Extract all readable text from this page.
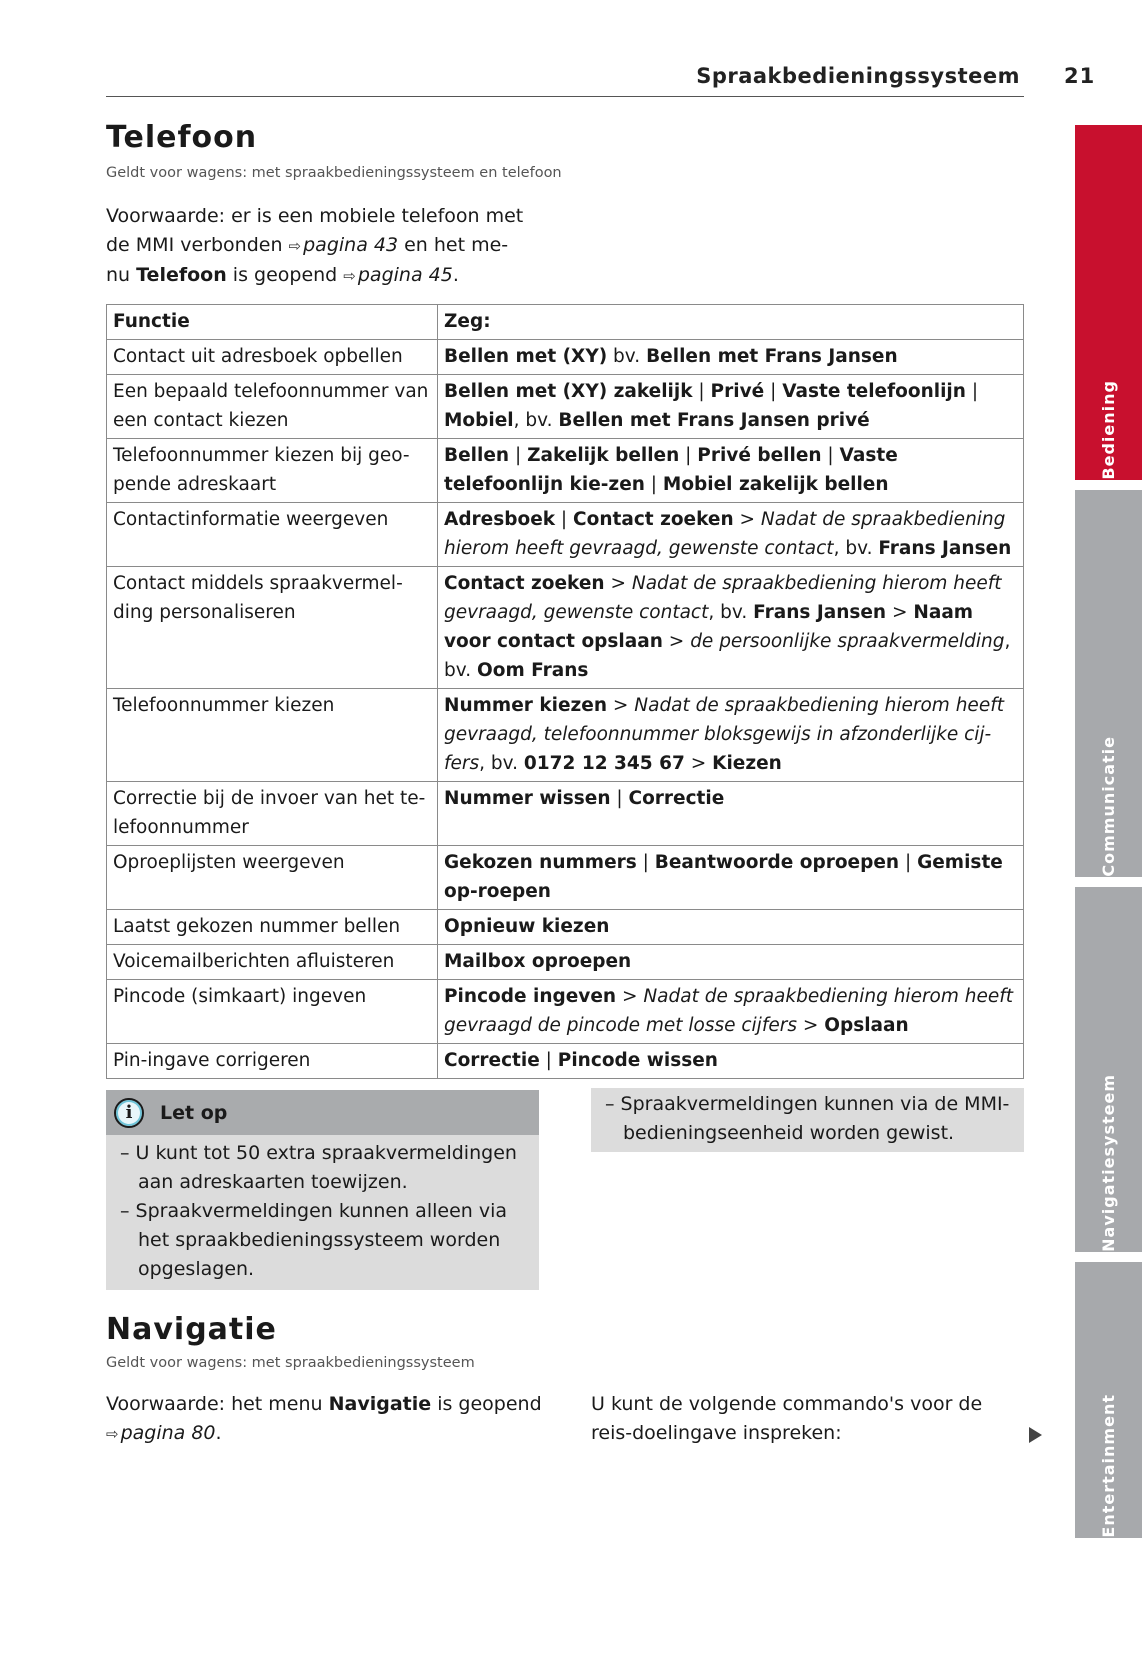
Spraakbedieningssysteem 21
Telefoon
Geldt voor wagens: met spraakbedieningssysteem en telefoon
Voorwaarde: er is een mobiele telefoon met
de MMI verbonden ⇨ pagina 43 en het me-
nu Telefoon is geopend ⇨ pagina 45.
Functie	Zeg:
Contact uit adresboek opbellen	Bellen met (XY) bv. Bellen met Frans Jansen
Een bepaald telefoonnummer van een contact kiezen	Bellen met (XY) zakelijk | Privé | Vaste telefoonlijn | Mobiel, bv. Bellen met Frans Jansen privé
Telefoonnummer kiezen bij geo-pende adreskaart	Bellen | Zakelijk bellen | Privé bellen | Vaste telefoonlijn kie-zen | Mobiel zakelijk bellen
Contactinformatie weergeven	Adresboek | Contact zoeken > Nadat de spraakbediening hierom heeft gevraagd, gewenste contact, bv. Frans Jansen
Contact middels spraakvermel-ding personaliseren	Contact zoeken > Nadat de spraakbediening hierom heeft gevraagd, gewenste contact, bv. Frans Jansen > Naam voor contact opslaan > de persoonlijke spraakvermelding, bv. Oom Frans
Telefoonnummer kiezen	Nummer kiezen > Nadat de spraakbediening hierom heeft gevraagd, telefoonnummer bloksgewijs in afzonderlijke cij-fers, bv. 0172 12 345 67 > Kiezen
Correctie bij de invoer van het te-lefoonnummer	Nummer wissen | Correctie
Oproeplijsten weergeven	Gekozen nummers | Beantwoorde oproepen | Gemiste op-roepen
Laatst gekozen nummer bellen	Opnieuw kiezen
Voicemailberichten afluisteren	Mailbox oproepen
Pincode (simkaart) ingeven	Pincode ingeven > Nadat de spraakbediening hierom heeft gevraagd de pincode met losse cijfers > Opslaan
Pin-ingave corrigeren	Correctie | Pincode wissen
i	Let op
– U kunt tot 50 extra spraakvermeldingen aan adreskaarten toewijzen.
– Spraakvermeldingen kunnen alleen via het spraakbedieningssysteem worden opgeslagen.
– Spraakvermeldingen kunnen via de MMI-bedieningseenheid worden gewist.
Navigatie
Geldt voor wagens: met spraakbedieningssysteem
Voorwaarde: het menu Navigatie is geopend
⇨ pagina 80.
U kunt de volgende commando's voor de reis-doelingave inspreken:
Bediening
Communicatie
Navigatiesysteem
Entertainment
